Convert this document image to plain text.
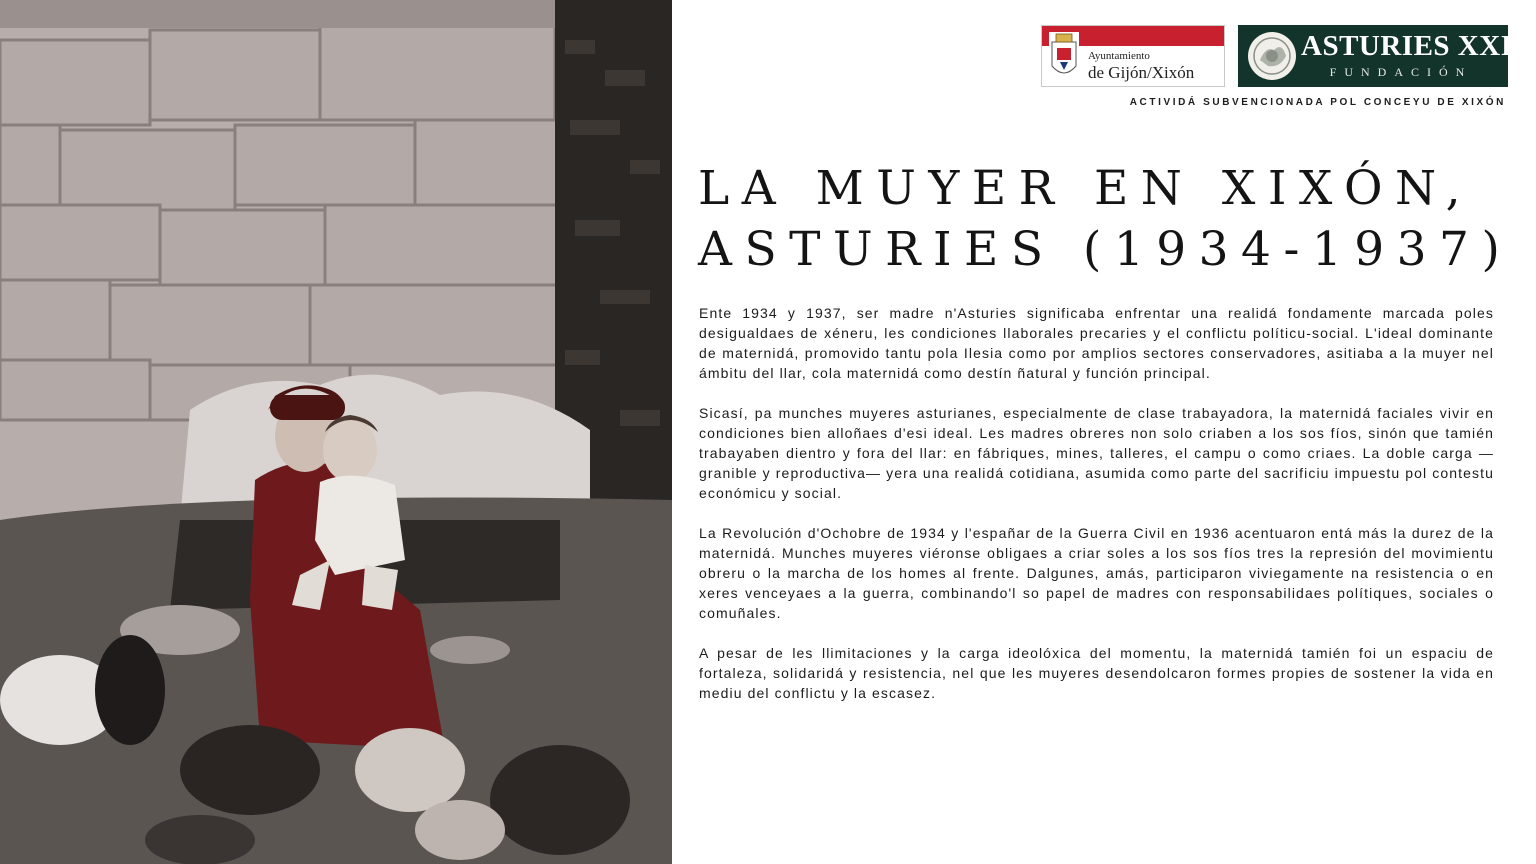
Ayuntamiento
de Gijón/Xixón
ASTURIES XXI
FUNDACIÓN
ACTIVIDÁ SUBVENCIONADA POL CONCEYU DE XIXÓN
LA MUYER EN XIXÓN,
ASTURIES (1934-1937)

Ente 1934 y 1937, ser madre n'Asturies significaba enfrentar una realidá fondamente marcada poles desigualdaes de xéneru, les condiciones llaborales precaries y el conflictu políticu-social. L'ideal dominante de maternidá, promovido tantu pola Ilesia como por amplios sectores conservadores, asitiaba a la muyer nel ámbitu del llar, cola maternidá como destín ñatural y función principal.

Sicasí, pa munches muyeres asturianes, especialmente de clase trabayadora, la maternidá faciales vivir en condiciones bien alloñaes d'esi ideal. Les madres obreres non solo criaben a los sos fíos, sinón que tamién trabayaben dientro y fora del llar: en fábriques, mines, talleres, el campu o como criaes. La doble carga —granible y reproductiva— yera una realidá cotidiana, asumida como parte del sacrificiu impuestu pol contestu económicu y social.

La Revolución d'Ochobre de 1934 y l'españar de la Guerra Civil en 1936 acentuaron entá más la durez de la maternidá. Munches muyeres viéronse obligaes a criar soles a los sos fíos tres la represión del movimientu obreru o la marcha de los homes al frente. Dalgunes, amás, participaron viviegamente na resistencia o en xeres venceyaes a la guerra, combinando'l so papel de madres con responsabilidaes polítiques, sociales o comuñales.

A pesar de les llimitaciones y la carga ideolóxica del momentu, la maternidá tamién foi un espaciu de fortaleza, solidaridá y resistencia, nel que les muyeres desendolcaron formes propies de sostener la vida en mediu del conflictu y la escasez.
